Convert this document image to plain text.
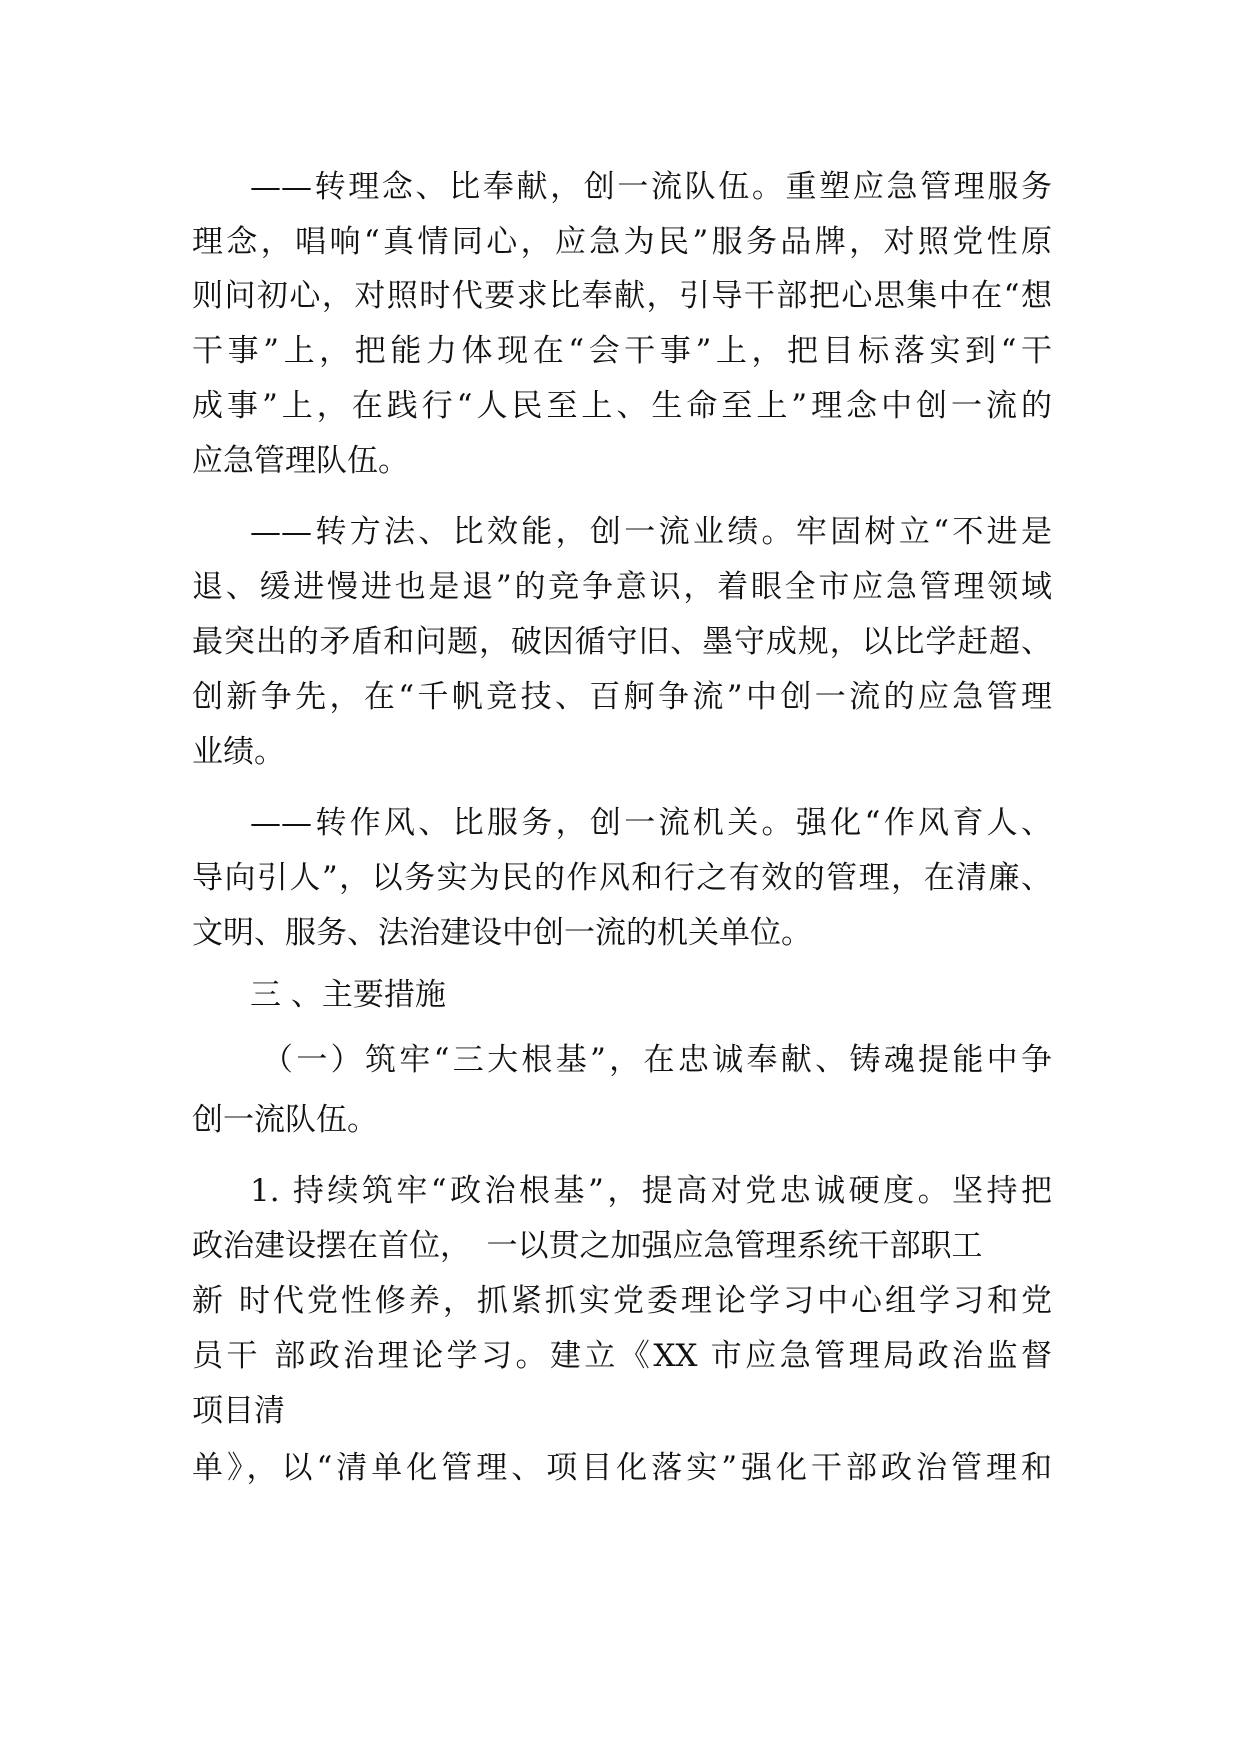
——转理念、比奉献，创一流队伍。重塑应急管理服务

理念，唱响“真情同心，应急为民”服务品牌，对照党性原

则问初心，对照时代要求比奉献，引导干部把心思集中在“想

干事”上，把能力体现在“会干事”上，把目标落实到“干

成事”上，在践行“人民至上、生命至上”理念中创一流的

应急管理队伍。

——转方法、比效能，创一流业绩。牢固树立“不进是

退、缓进慢进也是退”的竞争意识，着眼全市应急管理领域

最突出的矛盾和问题，破因循守旧、墨守成规，以比学赶超、

创新争先，在“千帆竞技、百舸争流”中创一流的应急管理

业绩。

——转作风、比服务，创一流机关。强化“作风育人、

导向引人”，以务实为民的作风和行之有效的管理，在清廉、

文明、服务、法治建设中创一流的机关单位。

三 、主要措施

（一）筑牢“三大根基”，在忠诚奉献、铸魂提能中争

创一流队伍。

1. 持续筑牢“政治根基”，提高对党忠诚硬度。坚持把

政治建设摆在首位，　一以贯之加强应急管理系统干部职工

新 时代党性修养，抓紧抓实党委理论学习中心组学习和党

员干 部政治理论学习。建立《XX 市应急管理局政治监督

项目清

单》，以“清单化管理、项目化落实”强化干部政治管理和
